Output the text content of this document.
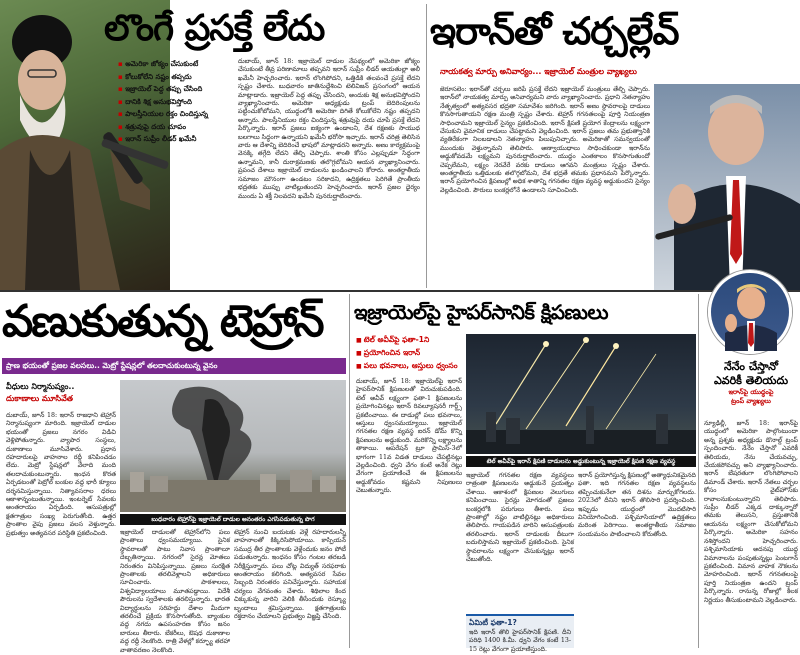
లొంగే ప్రసక్తే లేదు
▪ అమెరికా జోక్యం చేసుకుంటే
▪ కోలుకోలేని నష్టం తప్పదు
▪ ఇజ్రాయెల్ పెద్ద తప్పు చేసింది
▪ దానికి శిక్ష అనుభవిస్తోంది
▪ పాలస్తీనియుల రక్తం చిందిస్తున్న
▪ శత్రువుపై దయ చూపం
▪ ఇరాన్ సుప్రీం లీడర్ ఖమేనీ
దుబాయ్, జూన్ 18: ఇజ్రాయెల్ దాడుల నేపథ్యంలో అమెరికా జోక్యం చేసుకుంటే తీవ్ర పరిణామాలు తప్పవని ఇరాన్ సుప్రీం లీడర్ అయతుల్లా అలీ ఖమేనీ హెచ్చరించారు. ఇరాన్ లొంగిపోదని, ఒత్తిడికి తలవంచే ప్రసక్తే లేదని స్పష్టం చేశారు. బుధవారం జాతినుద్దేశించి టెలివిజన్ ప్రసంగంలో ఆయన మాట్లాడారు. ఇజ్రాయెల్ పెద్ద తప్పు చేసిందని, అందుకు శిక్ష అనుభవిస్తోందని వ్యాఖ్యానించారు. అమెరికా అధ్యక్షుడు ట్రంప్ బెదిరింపులను పట్టించుకోబోమని, యుద్ధంలోకి అమెరికా దిగితే కోలుకోలేని నష్టం తప్పదని అన్నారు. పాలస్తీనియుల రక్తం చిందిస్తున్న శత్రువుపై దయ చూపే ప్రసక్తే లేదని పేర్కొన్నారు. ఇరాన్ ప్రజలు ఐక్యంగా ఉండాలని, దేశ రక్షణకు సాయుధ బలగాలు సిద్ధంగా ఉన్నాయని ఖమేనీ భరోసా ఇచ్చారు. ఇరాన్ చరిత్ర తెలిసిన వారు ఆ దేశాన్ని బెదిరించే భాషలో మాట్లాడరని అన్నారు. అణు కార్యక్రమంపై వెనక్కి తగ్గేది లేదని తేల్చి చెప్పారు. శాంతి కోసం ఎల్లప్పుడూ సిద్ధంగా ఉన్నామని, కానీ దురాక్రమణకు తలొగ్గబోమని ఆయన వ్యాఖ్యానించారు. ప్రపంచ దేశాలు ఇజ్రాయెల్ దాడులను ఖండించాలని కోరారు. అంతర్జాతీయ సమాజం మౌనంగా ఉండటం సరికాదని, ఉద్రిక్తతలు పెరిగితే ప్రాంతీయ భద్రతకు ముప్పు వాటిల్లుతుందని హెచ్చరించారు. ఇరాన్ ప్రజల ధైర్యం ముందు ఏ శక్తీ నిలవదని ఖమేనీ పునరుద్ఘాటించారు.
ఇరాన్‌తో చర్చల్లేవ్
నాయకత్వ మార్పు అనివార్యం... ఇజ్రాయెల్ మంత్రుల వ్యాఖ్యలు
జెరూసలెం: ఇరాన్‌తో చర్చలు జరిపే ప్రసక్తే లేదని ఇజ్రాయెల్ మంత్రులు తేల్చి చెప్పారు. ఇరాన్‌లో నాయకత్వ మార్పు అనివార్యమని వారు వ్యాఖ్యానించారు. ప్రధాని నెతన్యాహు నేతృత్వంలో అత్యవసర భద్రతా సమావేశం జరిగింది. ఇరాన్ అణు స్థావరాలపై దాడులు కొనసాగుతాయని రక్షణ మంత్రి స్పష్టం చేశారు. టెహ్రాన్ గగనతలంపై పూర్తి నియంత్రణ సాధించామని ఇజ్రాయెల్ సైన్యం ప్రకటించింది. ఇరాన్ క్షిపణి ప్రయోగ కేంద్రాలను లక్ష్యంగా చేసుకుని వైమానిక దాడులు చేపట్టామని వెల్లడించింది. ఇరాన్ ప్రజలు తమ ప్రభుత్వానికి వ్యతిరేకంగా నిలబడాలని నెతన్యాహు పిలుపునిచ్చారు. అమెరికాతో సమన్వయంతో ముందుకు వెళ్తున్నామని తెలిపారు. అణ్వాయుధాలు సాధించకుండా ఇరాన్‌ను అడ్డుకోవడమే లక్ష్యమని పునరుద్ఘాటించారు. యుద్ధం ఎంతకాలం కొనసాగుతుందో చెప్పలేమని, లక్ష్యం నెరవేరే వరకు దాడులు ఆగవని మంత్రులు స్పష్టం చేశారు. అంతర్జాతీయ ఒత్తిడులకు తలొగ్గబోమని, దేశ భద్రతే తమకు ప్రధానమని పేర్కొన్నారు. ఇరాన్ ప్రయోగించిన క్షిపణుల్లో అధిక శాతాన్ని గగనతల రక్షణ వ్యవస్థ అడ్డుకుందని సైన్యం వెల్లడించింది. పౌరులు బంకర్లలోనే ఉండాలని సూచించింది.
వణుకుతున్న టెహ్రాన్
ప్రాణ భయంతో ప్రజల వలసలు.. మెట్రో స్టేషన్లలో తలదాచుకుంటున్న వైనం
వీధులు నిర్మానుష్యం..
దుకాణాలు మూసివేత
దుబాయ్, జూన్ 18: ఇరాన్ రాజధాని టెహ్రాన్ నిర్మానుష్యంగా మారింది. ఇజ్రాయెల్ దాడుల భయంతో ప్రజలు నగరం విడిచి వెళ్లిపోతున్నారు. వ్యాపార సంస్థలు, దుకాణాలు మూసివేశారు. ప్రధాన రహదారులపై వాహనాల రద్దీ కనిపించడం లేదు. మెట్రో స్టేషన్లలో వేలాది మంది తలదాచుకుంటున్నారు. ఇంధన కొరత ఏర్పడటంతో పెట్రోల్ బంకుల వద్ద భారీ క్యూలు దర్శనమిస్తున్నాయి. నిత్యావసరాల ధరలు ఆకాశాన్నంటుతున్నాయి. ఇంటర్నెట్ సేవలకు అంతరాయం ఏర్పడింది. ఆసుపత్రుల్లో క్షతగాత్రుల సంఖ్య పెరుగుతోంది. ఉత్తర ప్రాంతాల వైపు ప్రజలు వలస వెళ్తున్నారు. ప్రభుత్వం అత్యవసర పరిస్థితి ప్రకటించింది.
బుధవారం టెహ్రాన్‌పై ఇజ్రాయెల్ దాడుల అనంతరం ఎగసిపడుతున్న పొగ
ఇజ్రాయెల్ దాడులతో టెహ్రాన్‌లోని పలు ప్రాంతాలు ధ్వంసమయ్యాయి. సైనిక స్థావరాలతో పాటు నివాస ప్రాంతాలూ దెబ్బతిన్నాయి. నగరంలో సైరన్ల మోతలు నిరంతరం వినిపిస్తున్నాయి. ప్రజలు సురక్షిత ప్రాంతాలకు తరలివెళ్లాలని అధికారులు సూచించారు. పాఠశాలలు, విశ్వవిద్యాలయాలు మూతపడ్డాయి. విదేశీ పౌరులను స్వదేశాలకు తరలిస్తున్నారు. భారత విద్యార్థులను సరిహద్దు దేశాల మీదుగా తరలించే ప్రక్రియ కొనసాగుతోంది. బ్యాంకుల వద్ద నగదు ఉపసంహరణ కోసం జనం బారులు తీరారు. బేకరీలు, ఔషధ దుకాణాల వద్ద రద్దీ నెలకొంది. రాత్రి వేళల్లో కర్ఫ్యూ తరహా వాతావరణం నెలకొంది.
టెహ్రాన్ నుంచి బయటకు వెళ్లే రహదారులన్నీ వాహనాలతో కిక్కిరిసిపోయాయి. కాస్పియన్ సముద్ర తీర ప్రాంతాలకు వెళ్లేందుకు జనం పోటీ పడుతున్నారు. ఇంధనం కోసం గంటల తరబడి నిరీక్షిస్తున్నారు. పలు చోట్ల విద్యుత్ సరఫరాకు అంతరాయం కలిగింది. అత్యవసర సేవల సిబ్బంది నిరంతరం పనిచేస్తున్నారు. సహాయక చర్యలు వేగవంతం చేశారు. శిథిలాల కింద చిక్కుకున్న వారిని వెలికి తీసేందుకు రెస్క్యూ బృందాలు శ్రమిస్తున్నాయి. క్షతగాత్రులకు రక్తదానం చేయాలని ప్రభుత్వం విజ్ఞప్తి చేసింది.
ఇజ్రాయెల్‌పై హైపర్‌సానిక్ క్షిపణులు
■ టెల్ అవీవ్‌పై ఫతా-1ని
■ ప్రయోగించిన ఇరాన్
■ పలు భవనాలు, ఆస్తులు ధ్వంసం
దుబాయ్, జూన్ 18: ఇజ్రాయెల్‌పై ఇరాన్ హైపర్‌సానిక్ క్షిపణులతో విరుచుకుపడింది. టెల్ అవీవ్ లక్ష్యంగా ఫతా-1 క్షిపణులను ప్రయోగించినట్లు ఇరాన్ రివల్యూషనరీ గార్డ్స్ ప్రకటించాయి. ఈ దాడుల్లో పలు భవనాలు, ఆస్తులు ధ్వంసమయ్యాయి. ఇజ్రాయెల్ గగనతల రక్షణ వ్యవస్థ ఐరన్ డోమ్ కొన్ని క్షిపణులను అడ్డుకుంది. మరికొన్ని లక్ష్యాలను తాకాయి. ఆపరేషన్ ట్రూ ప్రామిస్-3లో భాగంగా 11వ విడత దాడులు చేపట్టినట్లు వెల్లడించింది. ధ్వని వేగం కంటే అనేక రెట్లు వేగంగా ప్రయాణించే ఈ క్షిపణులను అడ్డుకోవడం కష్టమని నిపుణులు చెబుతున్నారు.
టెల్ అవీవ్‌పై ఇరాన్ క్షిపణి దాడులను అడ్డుకుంటున్న ఇజ్రాయెల్ క్షిపణి రక్షణ వ్యవస్థ
ఇజ్రాయెల్ గగనతల రక్షణ వ్యవస్థలు రాత్రంతా క్షిపణులను అడ్డుకునే ప్రయత్నం చేశాయి. ఆకాశంలో క్షిపణుల వెలుగులు కనిపించాయి. సైరన్లు మోగడంతో ప్రజలు బంకర్లలోకి పరుగులు తీశారు. పలు ప్రాంతాల్లో నష్టం వాటిల్లినట్లు అధికారులు తెలిపారు. గాయపడిన వారిని ఆసుపత్రులకు తరలించారు. ఇరాన్ దాడులకు దీటుగా బదులిస్తామని ఇజ్రాయెల్ ప్రకటించింది. సైనిక స్థావరాలను లక్ష్యంగా చేసుకున్నట్లు ఇరాన్ చెబుతోంది.
ఇరాన్ ప్రయోగిస్తున్న క్షిపణుల్లో అత్యాధునికమైనది ఫతా. ఇది గగనతల రక్షణ వ్యవస్థలను తప్పించుకునేలా తన దిశను మార్చుకోగలదు. 2023లో దీనిని ఇరాన్ తొలిసారి ప్రదర్శించింది. ఇప్పుడు యుద్ధంలో మొదటిసారి వినియోగించింది. పశ్చిమాసియాలో ఉద్రిక్తతలు మరింత పెరిగాయి. అంతర్జాతీయ సమాజం సంయమనం పాటించాలని కోరుతోంది.
ఏమిటీ ఫతా-1?
ఇది ఇరాన్ తొలి హైపర్‌సానిక్ క్షిపణి. దీని పరిధి 1400 కి.మీ. ధ్వని వేగం కంటే 13-15 రెట్లు వేగంగా ప్రయాణిస్తుంది.
నేనేం చేస్తానో
ఎవరికీ తెలియదు
ఇరాన్‌పై యుద్ధంపై
ట్రంప్ వ్యాఖ్యలు
న్యూఢిల్లీ, జూన్ 18: ఇరాన్‌పై యుద్ధంలో అమెరికా పాల్గొంటుందా అన్న ప్రశ్నకు అధ్యక్షుడు డొనాల్డ్ ట్రంప్ స్పందించారు. నేనేం చేస్తానో ఎవరికీ తెలియదు, నేను చేయవచ్చు, చేయకపోవచ్చు అని వ్యాఖ్యానించారు. ఇరాన్ బేషరతుగా లొంగిపోవాలని డిమాండ్ చేశారు. ఇరాన్ నేతలు చర్చల కోసం వైట్‌హౌస్‌కు రావాలనుకుంటున్నారని తెలిపారు. సుప్రీం లీడర్ ఎక్కడ దాక్కున్నారో తమకు తెలుసని, ప్రస్తుతానికి ఆయనను లక్ష్యంగా చేసుకోబోమని పేర్కొన్నారు. అమెరికా సహనం నశిస్తోందని హెచ్చరించారు. పశ్చిమాసియాకు అదనపు యుద్ధ విమానాలను పంపుతున్నట్లు పెంటగాన్ ప్రకటించింది. విమాన వాహక నౌకలను మోహరించింది. ఇరాన్ గగనతలంపై పూర్తి నియంత్రణ ఉందని ట్రంప్ పేర్కొన్నారు. రానున్న రోజుల్లో కీలక నిర్ణయం తీసుకుంటామని వెల్లడించారు.
